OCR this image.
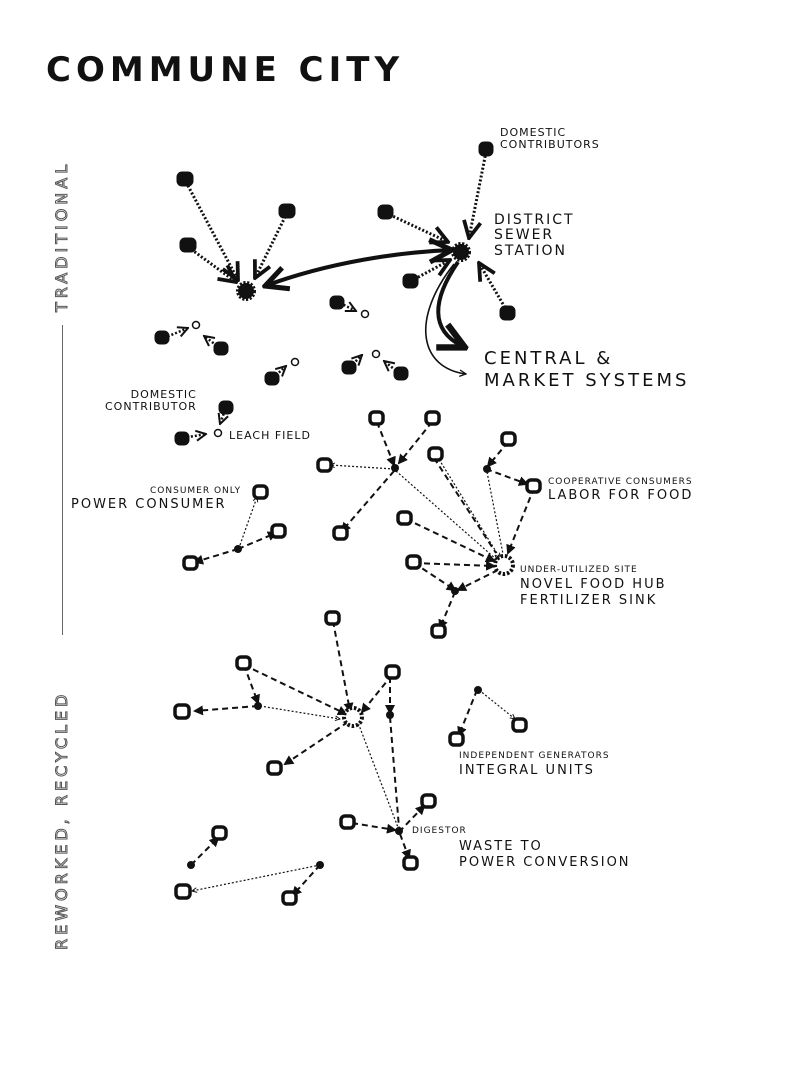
COMMUNE CITY
TRADITIONAL
REWORKED, RECYCLED
DOMESTIC
CONTRIBUTORS
DISTRICT
SEWER
STATION
CENTRAL &
MARKET SYSTEMS
DOMESTIC
CONTRIBUTOR
LEACH FIELD
CONSUMER ONLY
POWER CONSUMER
COOPERATIVE CONSUMERS
LABOR FOR FOOD
UNDER-UTILIZED SITE
NOVEL FOOD HUB
FERTILIZER SINK
INDEPENDENT GENERATORS
INTEGRAL UNITS
DIGESTOR
WASTE TO
POWER CONVERSION
